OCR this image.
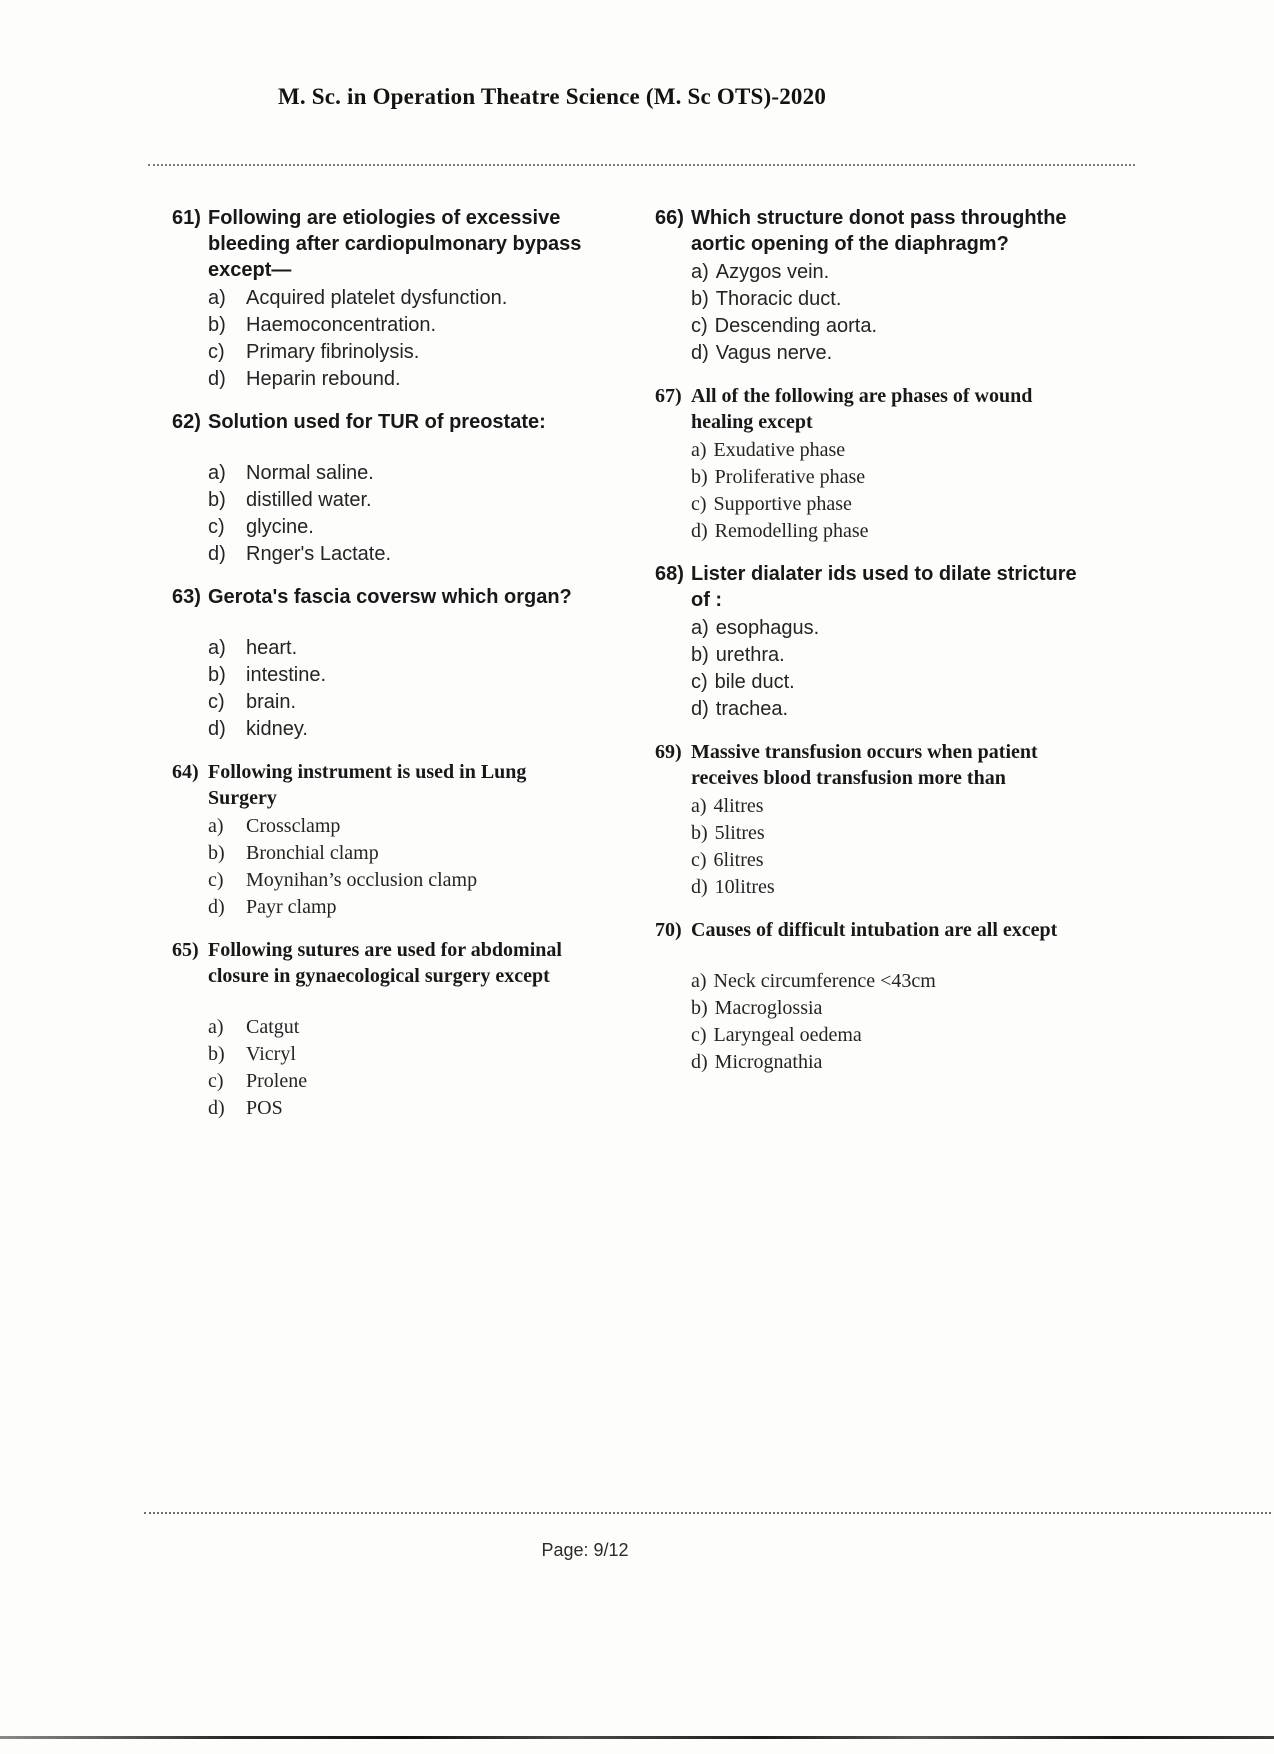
M. Sc. in Operation Theatre Science (M. Sc OTS)-2020
61) Following are etiologies of excessive
bleeding after cardiopulmonary bypass
except—
a)	Acquired platelet dysfunction.
b)	Haemoconcentration.
c)	Primary fibrinolysis.
d)	Heparin rebound.
62) Solution used for TUR of preostate:
a)	Normal saline.
b)	distilled water.
c)	glycine.
d)	Rnger's Lactate.
63) Gerota's fascia coversw which organ?
a)	heart.
b)	intestine.
c)	brain.
d)	kidney.
64) Following instrument is used in Lung
Surgery
a)	Crossclamp
b)	Bronchial clamp
c)	Moynihan’s occlusion clamp
d)	Payr clamp
65) Following sutures are used for abdominal
closure in gynaecological surgery except
a)	Catgut
b)	Vicryl
c)	Prolene
d)	POS
66) Which structure donot pass throughthe
aortic opening of the diaphragm?
a) Azygos vein.
b) Thoracic duct.
c) Descending aorta.
d) Vagus nerve.
67) All of the following are phases of wound
healing except
a) Exudative phase
b) Proliferative phase
c) Supportive phase
d) Remodelling phase
68) Lister dialater ids used to dilate stricture
of :
a) esophagus.
b) urethra.
c) bile duct.
d) trachea.
69) Massive transfusion occurs when patient
receives blood transfusion more than
a) 4litres
b) 5litres
c) 6litres
d) 10litres
70) Causes of difficult intubation are all except
a) Neck circumference <43cm
b) Macroglossia
c) Laryngeal oedema
d) Micrognathia
Page: 9/12
